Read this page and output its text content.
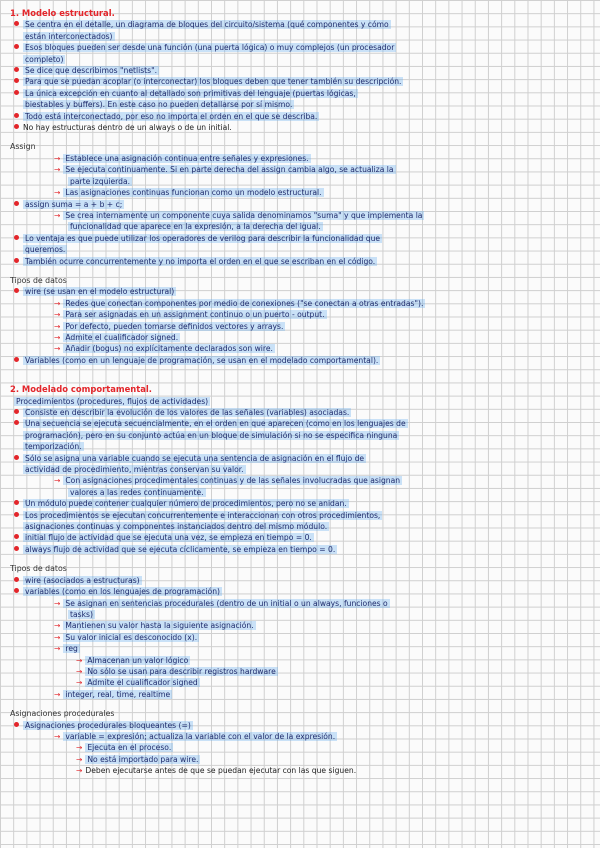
1. Modelo estructural.
Se centra en el detalle, un diagrama de bloques del circuito/sistema (qué componentes y cómo
están interconectados)
Esos bloques pueden ser desde una función (una puerta lógica) o muy complejos (un procesador
completo)
Se dice que describimos "netlists".
Para que se puedan acoplar (o interconectar) los bloques deben que tener también su descripción.
La única excepción en cuanto al detallado son primitivas del lenguaje (puertas lógicas,
biestables y buffers). En este caso no pueden detallarse por sí mismo.
Todo está interconectado, por eso no importa el orden en el que se describa.
No hay estructuras dentro de un always o de un initial.
Assign
→ Establece una asignación continua entre señales y expresiones.
→ Se ejecuta continuamente. Si en parte derecha del assign cambia algo, se actualiza la
parte izquierda.
→ Las asignaciones continuas funcionan como un modelo estructural.
assign suma = a + b + c;
→ Se crea internamente un componente cuya salida denominamos "suma" y que implementa la
funcionalidad que aparece en la expresión, a la derecha del igual.
Lo ventaja es que puede utilizar los operadores de verilog para describir la funcionalidad que
queremos.
También ocurre concurrentemente y no importa el orden en el que se escriban en el código.
Tipos de datos
wire (se usan en el modelo estructural)
→ Redes que conectan componentes por medio de conexiones ("se conectan a otras entradas").
→ Para ser asignadas en un assignment continuo o un puerto - output.
→ Por defecto, pueden tomarse definidos vectores y arrays.
→ Admite el cualificador signed.
→ Añadir (bogus) no explícitamente declarados son wire.
Variables (como en un lenguaje de programación, se usan en el modelado comportamental).
2. Modelado comportamental.
Procedimientos (procedures, flujos de actividades)
Consiste en describir la evolución de los valores de las señales (variables) asociadas.
Una secuencia se ejecuta secuencialmente, en el orden en que aparecen (como en los lenguajes de
programación), pero en su conjunto actúa en un bloque de simulación si no se especifica ninguna
temporización.
Sólo se asigna una variable cuando se ejecuta una sentencia de asignación en el flujo de
actividad de procedimiento, mientras conservan su valor.
→ Con asignaciones procedimentales continuas y de las señales involucradas que asignan
valores a las redes continuamente.
Un módulo puede contener cualquier número de procedimientos, pero no se anidan.
Los procedimientos se ejecutan concurrentemente e interaccionan con otros procedimientos,
asignaciones continuas y componentes instanciados dentro del mismo módulo.
initial flujo de actividad que se ejecuta una vez, se empieza en tiempo = 0.
always flujo de actividad que se ejecuta cíclicamente, se empieza en tiempo = 0.
Tipos de datos
wire (asociados a estructuras)
variables (como en los lenguajes de programación)
→ Se asignan en sentencias procedurales (dentro de un initial o un always, funciones o
tasks)
→ Mantienen su valor hasta la siguiente asignación.
→ Su valor inicial es desconocido (x).
→ reg
→ Almacenan un valor lógico
→ No sólo se usan para describir registros hardware
→ Admite el cualificador signed
→ integer, real, time, realtime
Asignaciones procedurales
Asignaciones procedurales bloqueantes (=)
→ variable = expresión; actualiza la variable con el valor de la expresión.
→ Ejecuta en el proceso.
→ No está importado para wire.
→ Deben ejecutarse antes de que se puedan ejecutar con las que siguen.
